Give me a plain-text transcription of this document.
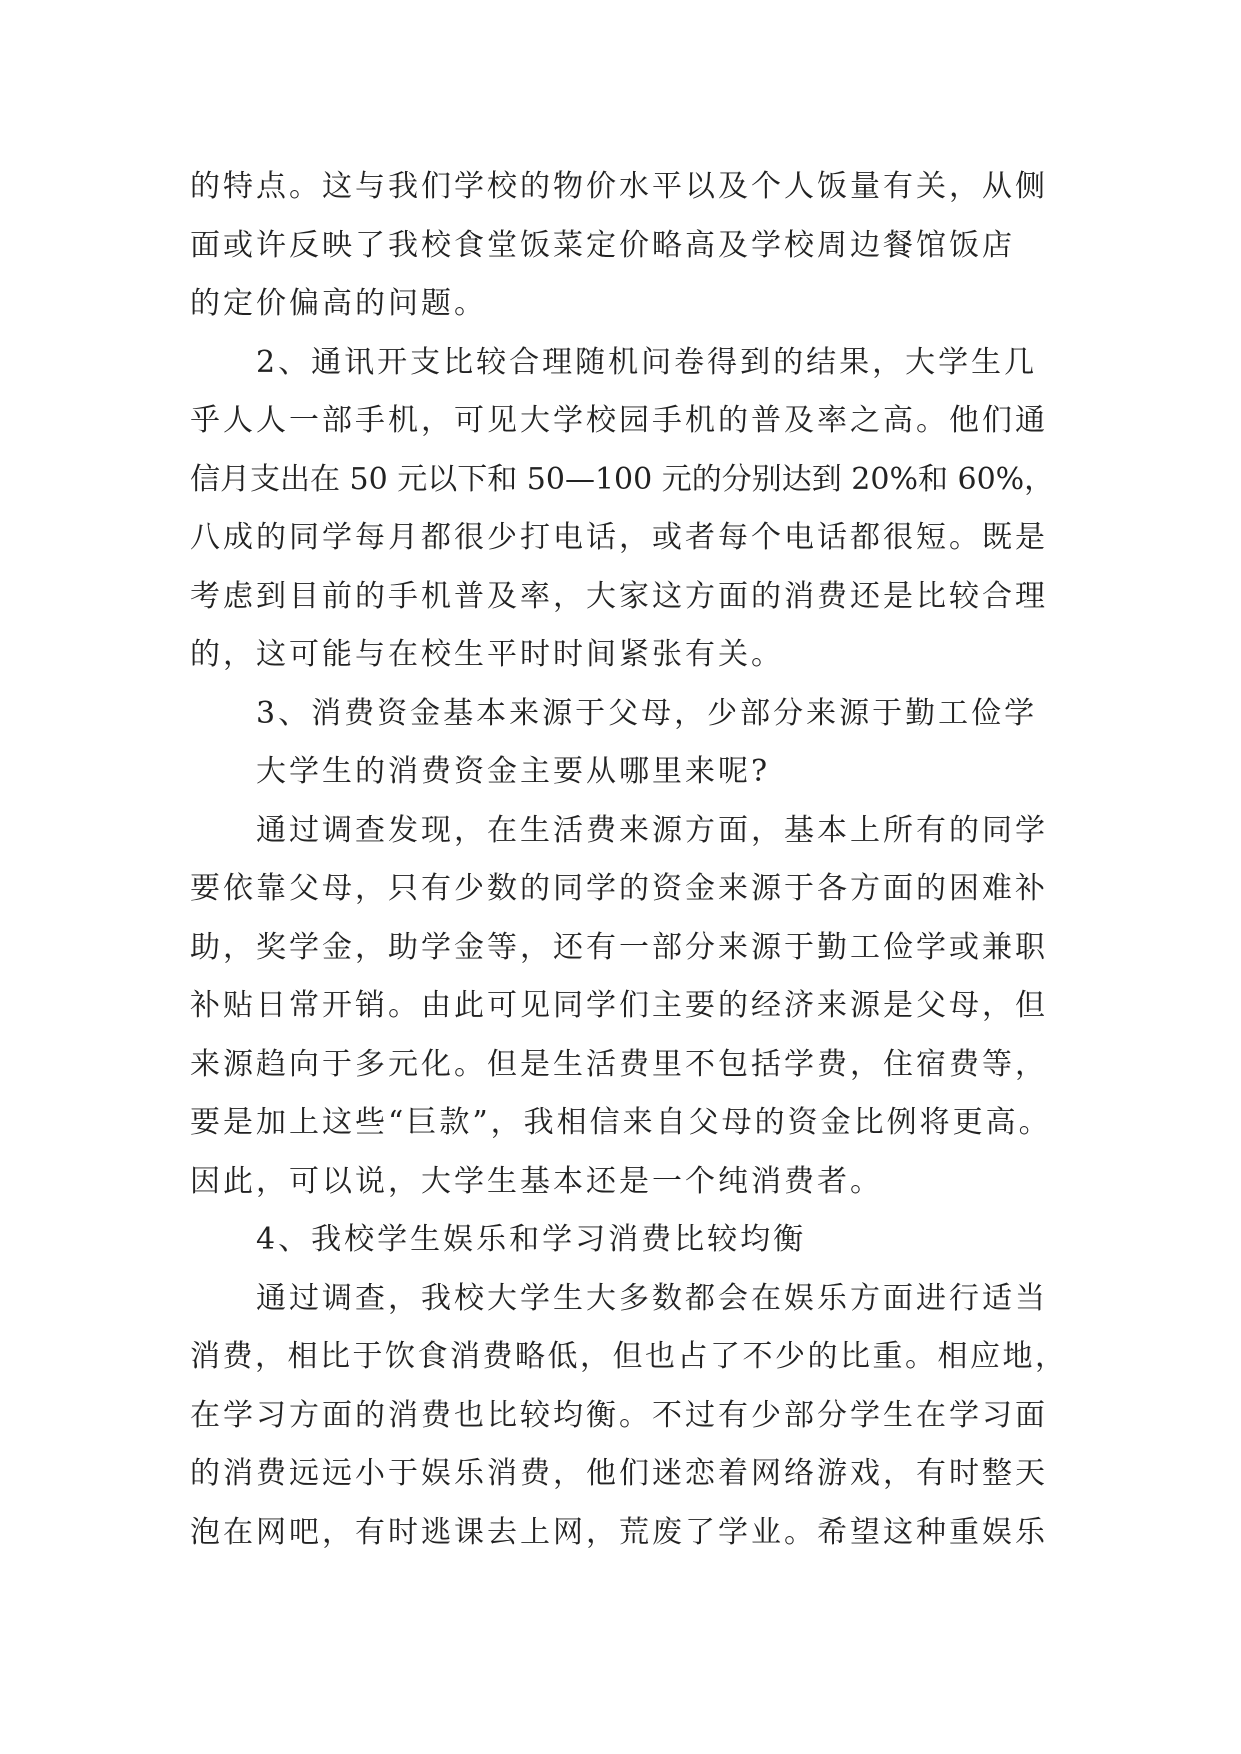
的特点。这与我们学校的物价水平以及个人饭量有关，从侧
面或许反映了我校食堂饭菜定价略高及学校周边餐馆饭店
的定价偏高的问题。
2、通讯开支比较合理随机问卷得到的结果，大学生几
乎人人一部手机，可见大学校园手机的普及率之高。他们通
信月支出在 50 元以下和 50—100 元的分别达到 20%和 60%，
八成的同学每月都很少打电话，或者每个电话都很短。既是
考虑到目前的手机普及率，大家这方面的消费还是比较合理
的，这可能与在校生平时时间紧张有关。
3、消费资金基本来源于父母，少部分来源于勤工俭学
大学生的消费资金主要从哪里来呢?
通过调查发现，在生活费来源方面，基本上所有的同学
要依靠父母，只有少数的同学的资金来源于各方面的困难补
助，奖学金，助学金等，还有一部分来源于勤工俭学或兼职
补贴日常开销。由此可见同学们主要的经济来源是父母，但
来源趋向于多元化。但是生活费里不包括学费，住宿费等，
要是加上这些“巨款”，我相信来自父母的资金比例将更高。
因此，可以说，大学生基本还是一个纯消费者。
4、我校学生娱乐和学习消费比较均衡
通过调查，我校大学生大多数都会在娱乐方面进行适当
消费，相比于饮食消费略低，但也占了不少的比重。相应地，
在学习方面的消费也比较均衡。不过有少部分学生在学习面
的消费远远小于娱乐消费，他们迷恋着网络游戏，有时整天
泡在网吧，有时逃课去上网，荒废了学业。希望这种重娱乐
